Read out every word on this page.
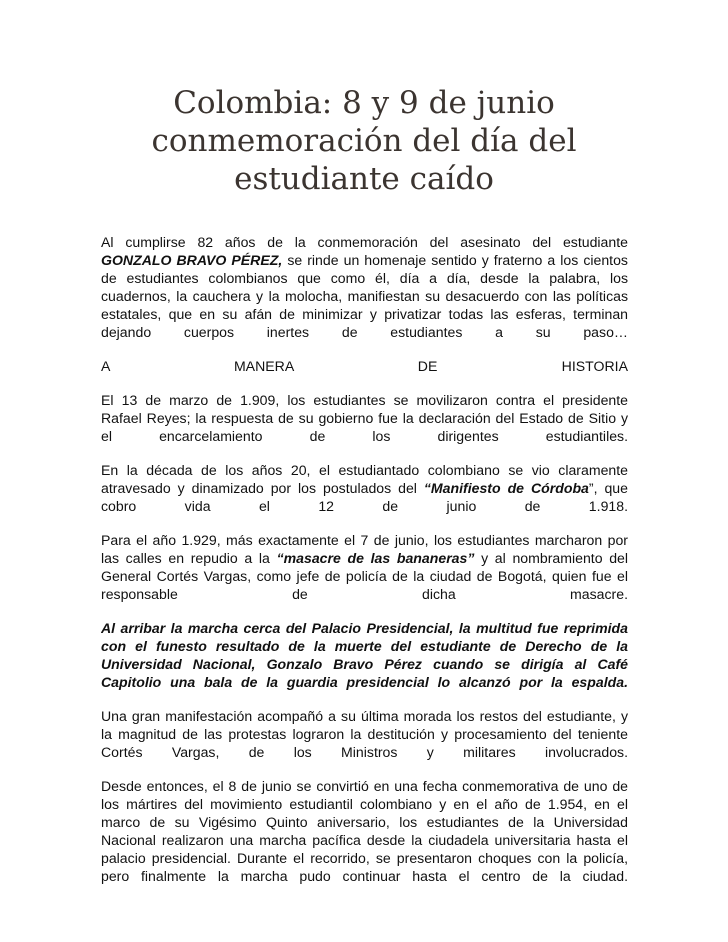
Colombia: 8 y 9 de junio
conmemoración del día del
estudiante caído

Al cumplirse 82 años de la conmemoración del asesinato del estudiante
GONZALO BRAVO PÉREZ, se rinde un homenaje sentido y fraterno a los cientos
de estudiantes colombianos que como él, día a día, desde la palabra, los
cuadernos, la cauchera y la molocha, manifiestan su desacuerdo con las políticas
estatales, que en su afán de minimizar y privatizar todas las esferas, terminan
dejando cuerpos inertes de estudiantes a su paso…

A MANERA DE HISTORIA

El 13 de marzo de 1.909, los estudiantes se movilizaron contra el presidente
Rafael Reyes; la respuesta de su gobierno fue la declaración del Estado de Sitio y
el encarcelamiento de los dirigentes estudiantiles.

En la década de los años 20, el estudiantado colombiano se vio claramente
atravesado y dinamizado por los postulados del “Manifiesto de Córdoba”, que
cobro vida el 12 de junio de 1.918.

Para el año 1.929, más exactamente el 7 de junio, los estudiantes marcharon por
las calles en repudio a la “masacre de las bananeras” y al nombramiento del
General Cortés Vargas, como jefe de policía de la ciudad de Bogotá, quien fue el
responsable de dicha masacre.

Al arribar la marcha cerca del Palacio Presidencial, la multitud fue reprimida
con el funesto resultado de la muerte del estudiante de Derecho de la
Universidad Nacional, Gonzalo Bravo Pérez cuando se dirigía al Café
Capitolio una bala de la guardia presidencial lo alcanzó por la espalda.

Una gran manifestación acompañó a su última morada los restos del estudiante, y
la magnitud de las protestas lograron la destitución y procesamiento del teniente
Cortés Vargas, de los Ministros y militares involucrados.

Desde entonces, el 8 de junio se convirtió en una fecha conmemorativa de uno de
los mártires del movimiento estudiantil colombiano y en el año de 1.954, en el
marco de su Vigésimo Quinto aniversario, los estudiantes de la Universidad
Nacional realizaron una marcha pacífica desde la ciudadela universitaria hasta el
palacio presidencial. Durante el recorrido, se presentaron choques con la policía,
pero finalmente la marcha pudo continuar hasta el centro de la ciudad.
